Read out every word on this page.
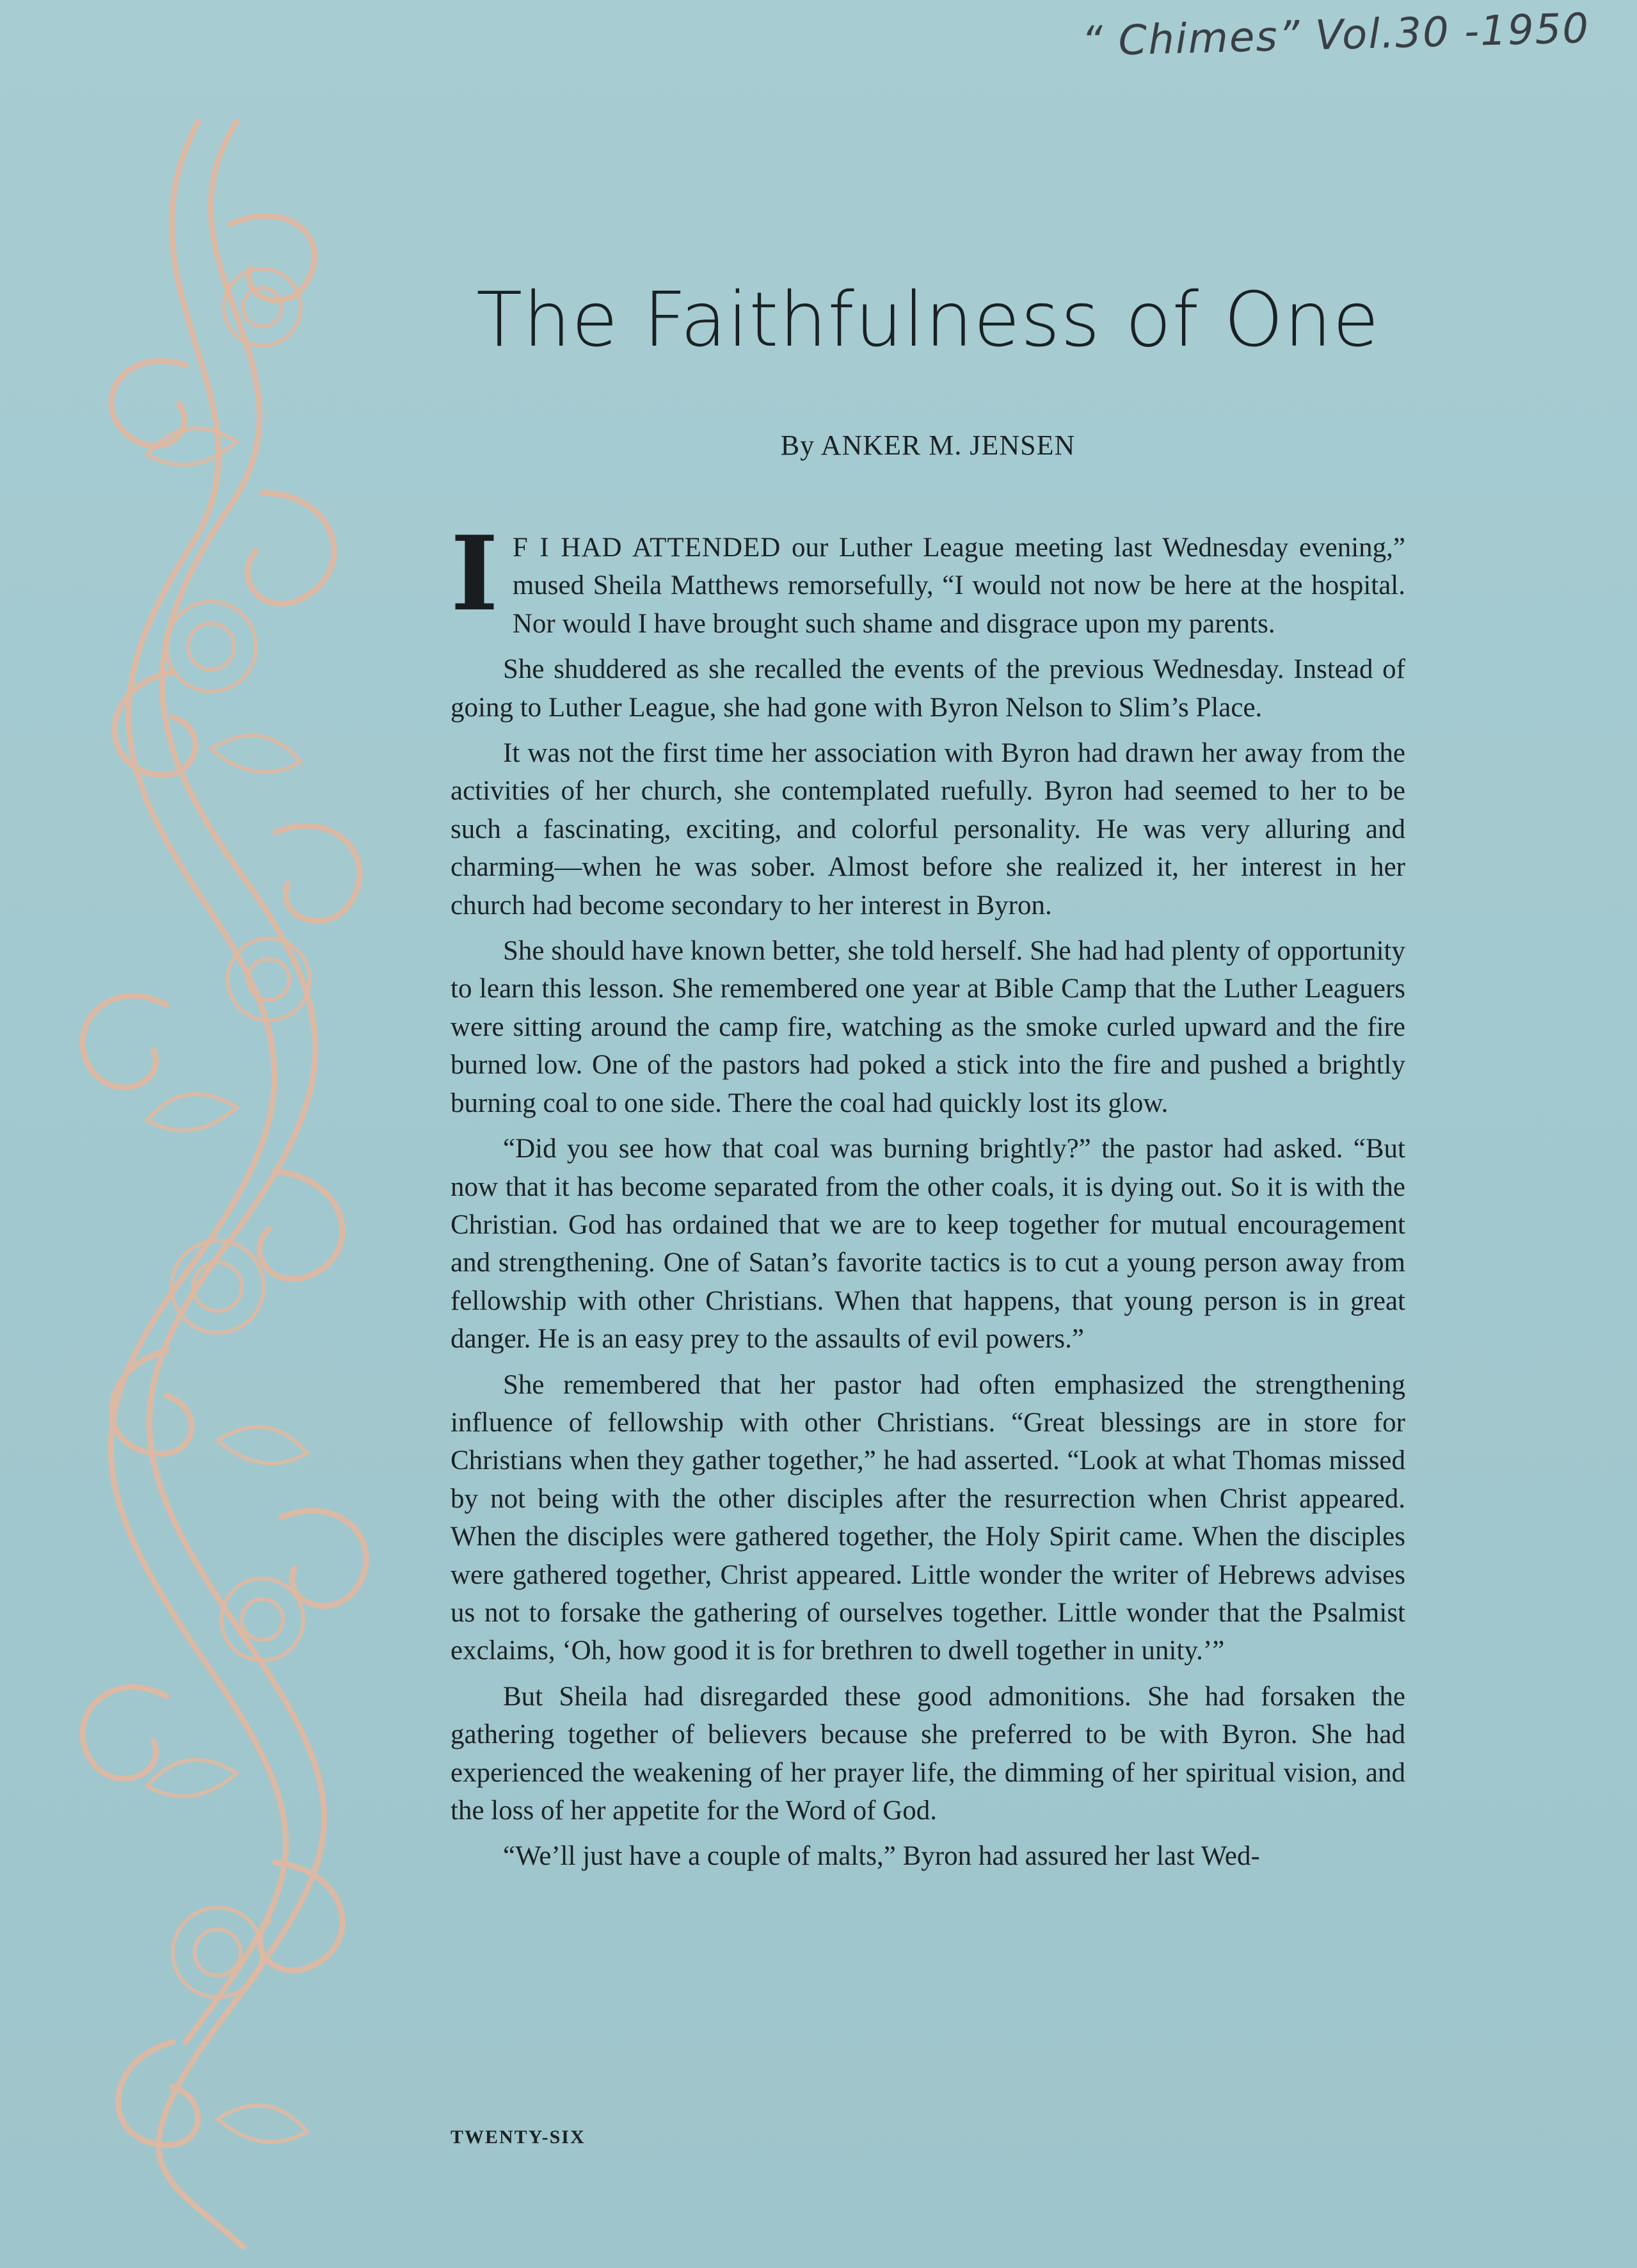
“ Chimes” Vol.30 -1950
The Faithfulness of One
By ANKER M. JENSEN

I F I HAD ATTENDED our Luther League meeting last Wednesday evening,” mused Sheila Matthews remorsefully, “I would not now be here at the hospital. Nor would I have brought such shame and disgrace upon my parents.

She shuddered as she recalled the events of the previous Wednesday. Instead of going to Luther League, she had gone with Byron Nelson to Slim’s Place.

It was not the first time her association with Byron had drawn her away from the activities of her church, she contemplated ruefully. Byron had seemed to her to be such a fascinating, exciting, and colorful personality. He was very alluring and charming—when he was sober. Almost before she realized it, her interest in her church had become secondary to her interest in Byron.

She should have known better, she told herself. She had had plenty of opportunity to learn this lesson. She remembered one year at Bible Camp that the Luther Leaguers were sitting around the camp fire, watching as the smoke curled upward and the fire burned low. One of the pastors had poked a stick into the fire and pushed a brightly burning coal to one side. There the coal had quickly lost its glow.

“Did you see how that coal was burning brightly?” the pastor had asked. “But now that it has become separated from the other coals, it is dying out. So it is with the Christian. God has ordained that we are to keep together for mutual encouragement and strengthening. One of Satan’s favorite tactics is to cut a young person away from fellowship with other Christians. When that happens, that young person is in great danger. He is an easy prey to the assaults of evil powers.”

She remembered that her pastor had often emphasized the strengthening influence of fellowship with other Christians. “Great blessings are in store for Christians when they gather together,” he had asserted. “Look at what Thomas missed by not being with the other disciples after the resurrection when Christ appeared. When the disciples were gathered together, the Holy Spirit came. When the disciples were gathered together, Christ appeared. Little wonder the writer of Hebrews advises us not to forsake the gathering of ourselves together. Little wonder that the Psalmist exclaims, ‘Oh, how good it is for brethren to dwell together in unity.’”

But Sheila had disregarded these good admonitions. She had forsaken the gathering together of believers because she preferred to be with Byron. She had experienced the weakening of her prayer life, the dimming of her spiritual vision, and the loss of her appetite for the Word of God.

“We’ll just have a couple of malts,” Byron had assured her last Wed-

TWENTY-SIX
